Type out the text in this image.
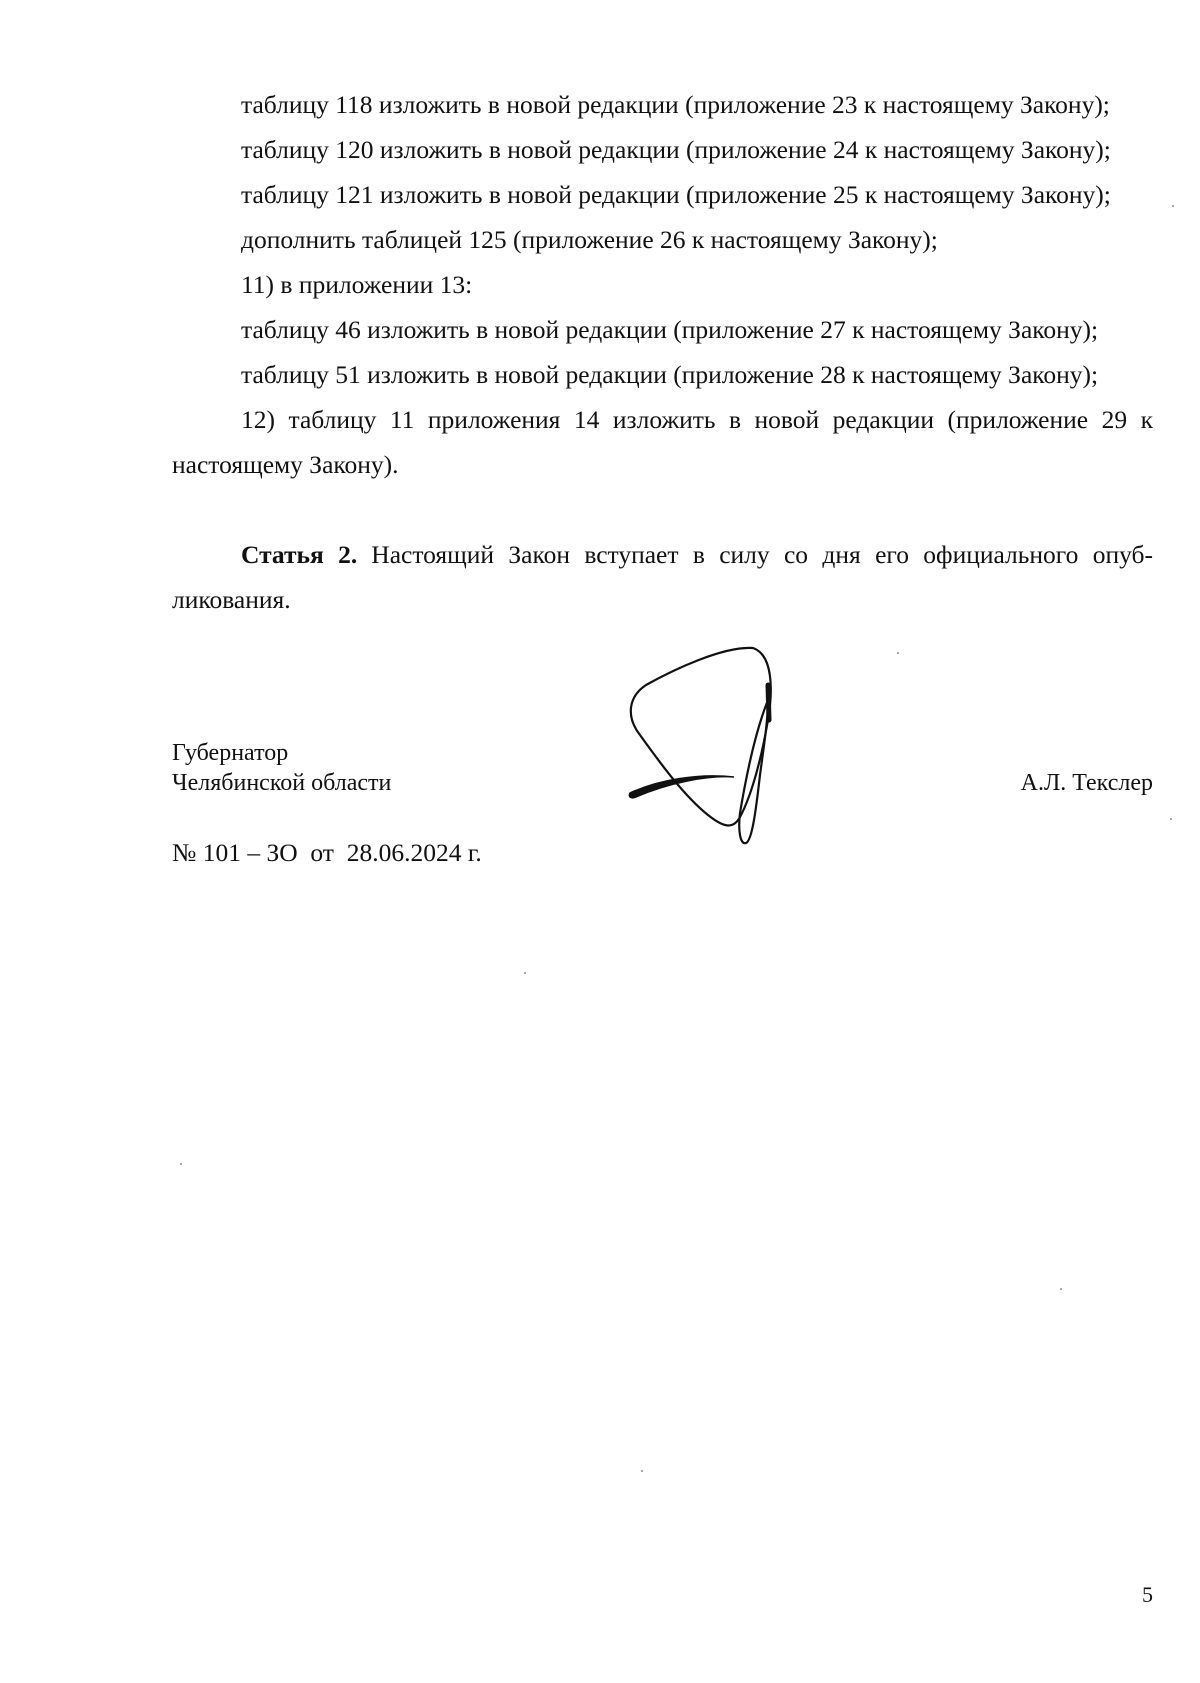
таблицу 118 изложить в новой редакции (приложение 23 к настоящему Закону);
таблицу 120 изложить в новой редакции (приложение 24 к настоящему Закону);
таблицу 121 изложить в новой редакции (приложение 25 к настоящему Закону);
дополнить таблицей 125 (приложение 26 к настоящему Закону);
11) в приложении 13:
таблицу 46 изложить в новой редакции (приложение 27 к настоящему Закону);
таблицу 51 изложить в новой редакции (приложение 28 к настоящему Закону);
12) таблицу 11 приложения 14 изложить в новой редакции (приложение 29 к
настоящему Закону).
Статья 2. Настоящий Закон вступает в силу со дня его официального опуб-
ликования.
Губернатор
Челябинской области	А.Л. Текслер
№ 101 – ЗО  от  28.06.2024 г.
5
